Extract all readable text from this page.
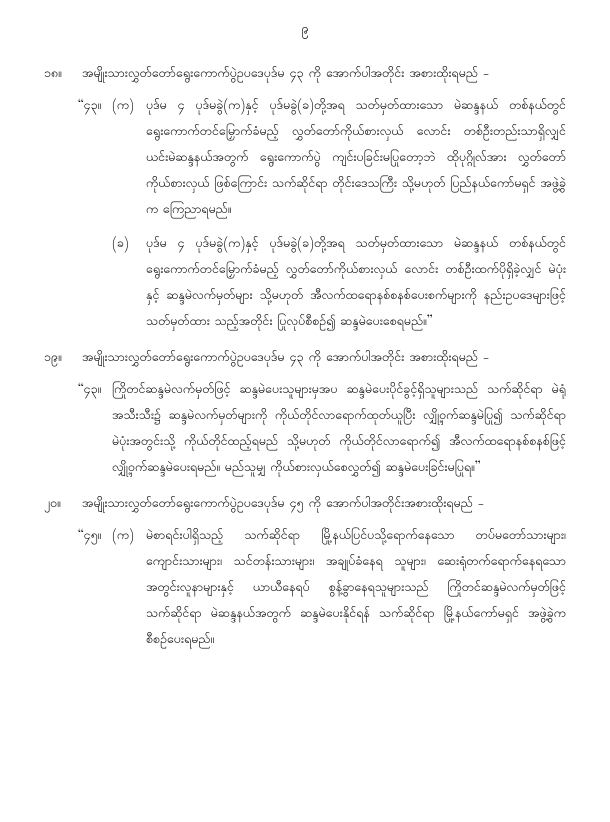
၉
၁၈။	အမျိုးသားလွှတ်တော်ရွေးကောက်ပွဲဥပဒေပုဒ်မ ၄၃ ကို အောက်ပါအတိုင်း အစားထိုးရမည် -
“၄၃။ (က) ပုဒ်မ ၄ ပုဒ်မခွဲ(က)နှင့် ပုဒ်မခွဲ(ခ)တို့အရ သတ်မှတ်ထားသော မဲဆန္ဒနယ် တစ်နယ်တွင် ရွေးကောက်တင်မြှောက်ခံမည့် လွှတ်တော်ကိုယ်စားလှယ် လောင်း တစ်ဦးတည်းသာရှိလျှင် ယင်းမဲဆန္ဒနယ်အတွက် ရွေးကောက်ပွဲ ကျင်းပခြင်းမပြုတော့ဘဲ ထိုပုဂ္ဂိုလ်အား လွှတ်တော်ကိုယ်စားလှယ် ဖြစ်ကြောင်း သက်ဆိုင်ရာ တိုင်းဒေသကြီး သို့မဟုတ် ပြည်နယ်ကော်မရှင် အဖွဲ့ခွဲက ကြေညာရမည်။
(ခ)	ပုဒ်မ ၄ ပုဒ်မခွဲ(က)နှင့် ပုဒ်မခွဲ(ခ)တို့အရ သတ်မှတ်ထားသော မဲဆန္ဒနယ် တစ်နယ်တွင် ရွေးကောက်တင်မြှောက်ခံမည့် လွှတ်တော်ကိုယ်စားလှယ် လောင်း တစ်ဦးထက်ပိုရှိခဲ့လျှင် မဲပုံးနှင့် ဆန္ဒမဲလက်မှတ်များ သို့မဟုတ် အီလက်ထရောနစ်စနစ်ပေးစက်များကို နည်းဥပဒေများဖြင့် သတ်မှတ်ထား သည့်အတိုင်း ပြုလုပ်စီစဉ်၍ ဆန္ဒမဲပေးစေရမည်။”
၁၉။	အမျိုးသားလွှတ်တော်ရွေးကောက်ပွဲဥပဒေပုဒ်မ ၄၃ ကို အောက်ပါအတိုင်း အစားထိုးရမည် -
“၄၃။ ကြိုတင်ဆန္ဒမဲလက်မှတ်ဖြင့် ဆန္ဒမဲပေးသူများမှအပ ဆန္ဒမဲပေးပိုင်ခွင့်ရှိသူများသည် သက်ဆိုင်ရာ မဲရုံအသီးသီး၌ ဆန္ဒမဲလက်မှတ်များကို ကိုယ်တိုင်လာရောက်ထုတ်ယူပြီး လျှို့ဝှက်ဆန္ဒမဲပြု၍ သက်ဆိုင်ရာ မဲပုံးအတွင်းသို့ ကိုယ်တိုင်ထည့်ရမည် သို့မဟုတ် ကိုယ်တိုင်လာရောက်၍ အီလက်ထရောနစ်စနစ်ဖြင့် လျှို့ဝှက်ဆန္ဒမဲပေးရမည်။ မည်သူမျှ ကိုယ်စားလှယ်စေလွှတ်၍ ဆန္ဒမဲပေးခြင်းမပြုရ။”
၂၀။	အမျိုးသားလွှတ်တော်ရွေးကောက်ပွဲဥပဒေပုဒ်မ ၄၅ ကို အောက်ပါအတိုင်းအစားထိုးရမည် -
“၄၅။ (က) မဲစာရင်းပါရှိသည့် သက်ဆိုင်ရာ မြို့နယ်ပြင်ပသို့ရောက်နေသော တပ်မတော်သားများ၊ ကျောင်းသားများ၊ သင်တန်းသားများ၊ အချုပ်ခံနေရ သူများ၊ ဆေးရုံတက်ရောက်နေရသောအတွင်းလူနာများနှင့် ယာယီနေရပ် စွန့်ခွာနေရသူများသည် ကြိုတင်ဆန္ဒမဲလက်မှတ်ဖြင့် သက်ဆိုင်ရာ မဲဆန္ဒနယ်အတွက် ဆန္ဒမဲပေးနိုင်ရန် သက်ဆိုင်ရာ မြို့နယ်ကော်မရှင် အဖွဲ့ခွဲက စီစဉ်ပေးရမည်။
